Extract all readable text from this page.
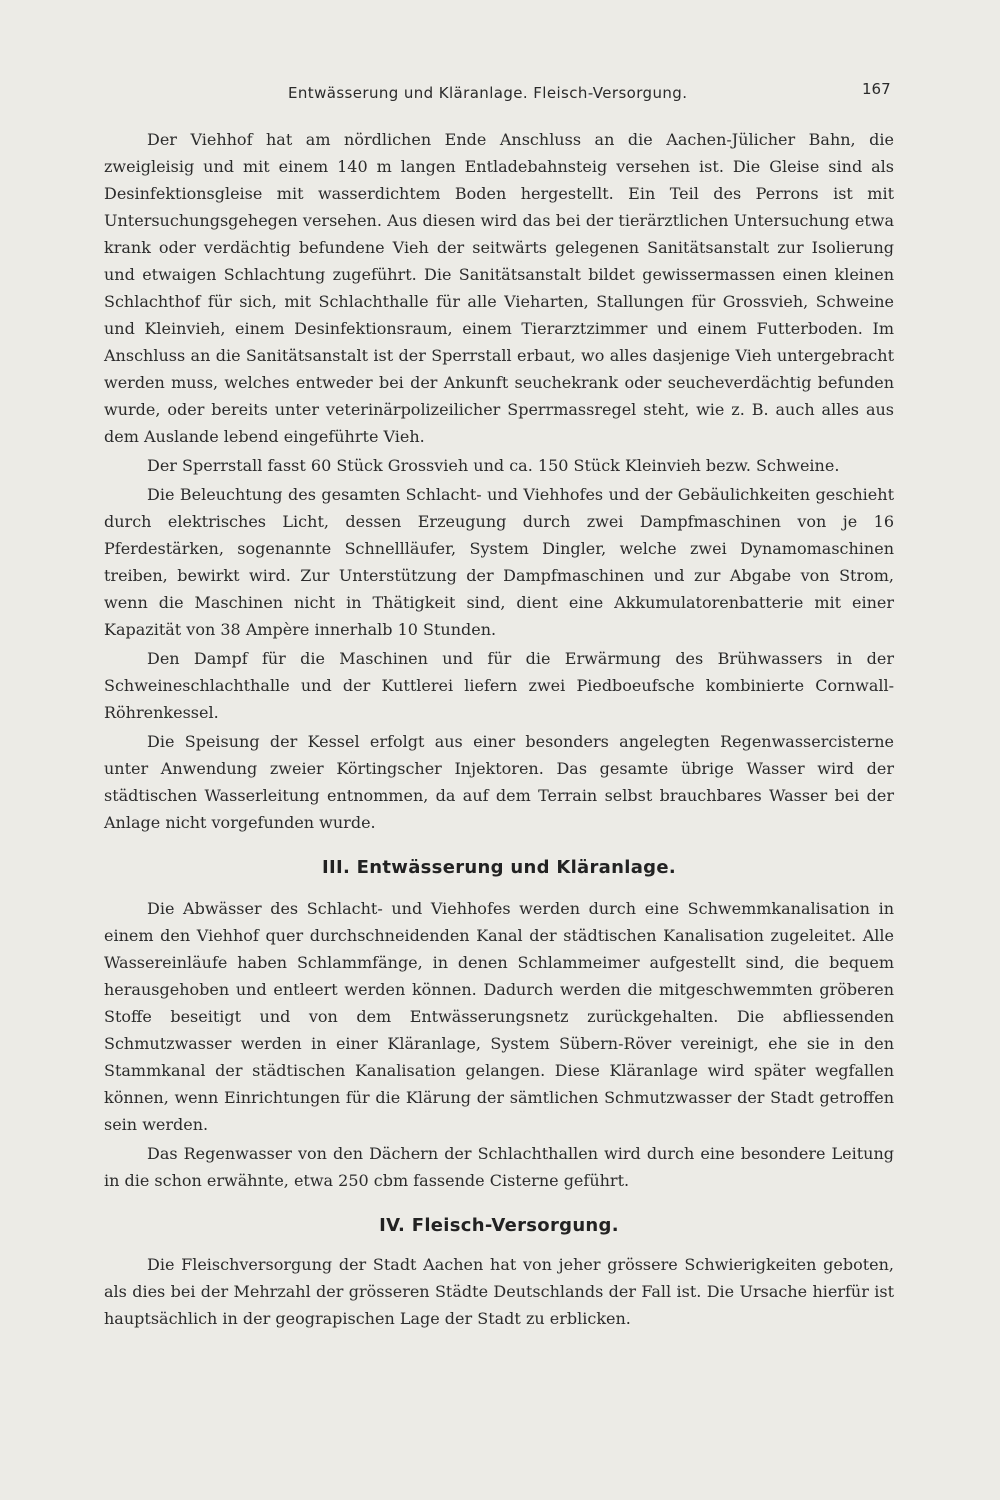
Entwässerung und Kläranlage. Fleisch-Versorgung.	167

Der Viehhof hat am nördlichen Ende Anschluss an die Aachen-Jülicher Bahn, die zweigleisig und mit einem 140 m langen Entladebahnsteig versehen ist. Die Gleise sind als Desinfektionsgleise mit wasserdichtem Boden hergestellt. Ein Teil des Perrons ist mit Untersuchungsgehegen versehen. Aus diesen wird das bei der tierärztlichen Untersuchung etwa krank oder verdächtig befundene Vieh der seitwärts gelegenen Sanitätsanstalt zur Isolierung und etwaigen Schlachtung zugeführt. Die Sanitätsanstalt bildet gewissermassen einen kleinen Schlachthof für sich, mit Schlachthalle für alle Vieharten, Stallungen für Grossvieh, Schweine und Kleinvieh, einem Desinfektionsraum, einem Tierarztzimmer und einem Futterboden. Im Anschluss an die Sanitätsanstalt ist der Sperrstall erbaut, wo alles dasjenige Vieh untergebracht werden muss, welches entweder bei der Ankunft seuchekrank oder seucheverdächtig befunden wurde, oder bereits unter veterinärpolizeilicher Sperrmassregel steht, wie z. B. auch alles aus dem Auslande lebend eingeführte Vieh.

Der Sperrstall fasst 60 Stück Grossvieh und ca. 150 Stück Kleinvieh bezw. Schweine.

Die Beleuchtung des gesamten Schlacht- und Viehhofes und der Gebäulichkeiten geschieht durch elektrisches Licht, dessen Erzeugung durch zwei Dampfmaschinen von je 16 Pferdestärken, sogenannte Schnellläufer, System Dingler, welche zwei Dynamomaschinen treiben, bewirkt wird. Zur Unterstützung der Dampfmaschinen und zur Abgabe von Strom, wenn die Maschinen nicht in Thätigkeit sind, dient eine Akkumulatorenbatterie mit einer Kapazität von 38 Ampère innerhalb 10 Stunden.

Den Dampf für die Maschinen und für die Erwärmung des Brühwassers in der Schweineschlachthalle und der Kuttlerei liefern zwei Piedboeufsche kombinierte Cornwall-Röhrenkessel.

Die Speisung der Kessel erfolgt aus einer besonders angelegten Regenwassercisterne unter Anwendung zweier Körtingscher Injektoren. Das gesamte übrige Wasser wird der städtischen Wasserleitung entnommen, da auf dem Terrain selbst brauchbares Wasser bei der Anlage nicht vorgefunden wurde.

III. Entwässerung und Kläranlage.

Die Abwässer des Schlacht- und Viehhofes werden durch eine Schwemmkanalisation in einem den Viehhof quer durchschneidenden Kanal der städtischen Kanalisation zugeleitet. Alle Wassereinläufe haben Schlammfänge, in denen Schlammeimer aufgestellt sind, die bequem herausgehoben und entleert werden können. Dadurch werden die mitgeschwemmten gröberen Stoffe beseitigt und von dem Entwässerungsnetz zurückgehalten. Die abfliessenden Schmutzwasser werden in einer Kläranlage, System Sübern-Röver vereinigt, ehe sie in den Stammkanal der städtischen Kanalisation gelangen. Diese Kläranlage wird später wegfallen können, wenn Einrichtungen für die Klärung der sämtlichen Schmutzwasser der Stadt getroffen sein werden.

Das Regenwasser von den Dächern der Schlachthallen wird durch eine besondere Leitung in die schon erwähnte, etwa 250 cbm fassende Cisterne geführt.

IV. Fleisch-Versorgung.

Die Fleischversorgung der Stadt Aachen hat von jeher grössere Schwierigkeiten geboten, als dies bei der Mehrzahl der grösseren Städte Deutschlands der Fall ist. Die Ursache hierfür ist hauptsächlich in der geograpischen Lage der Stadt zu erblicken.
